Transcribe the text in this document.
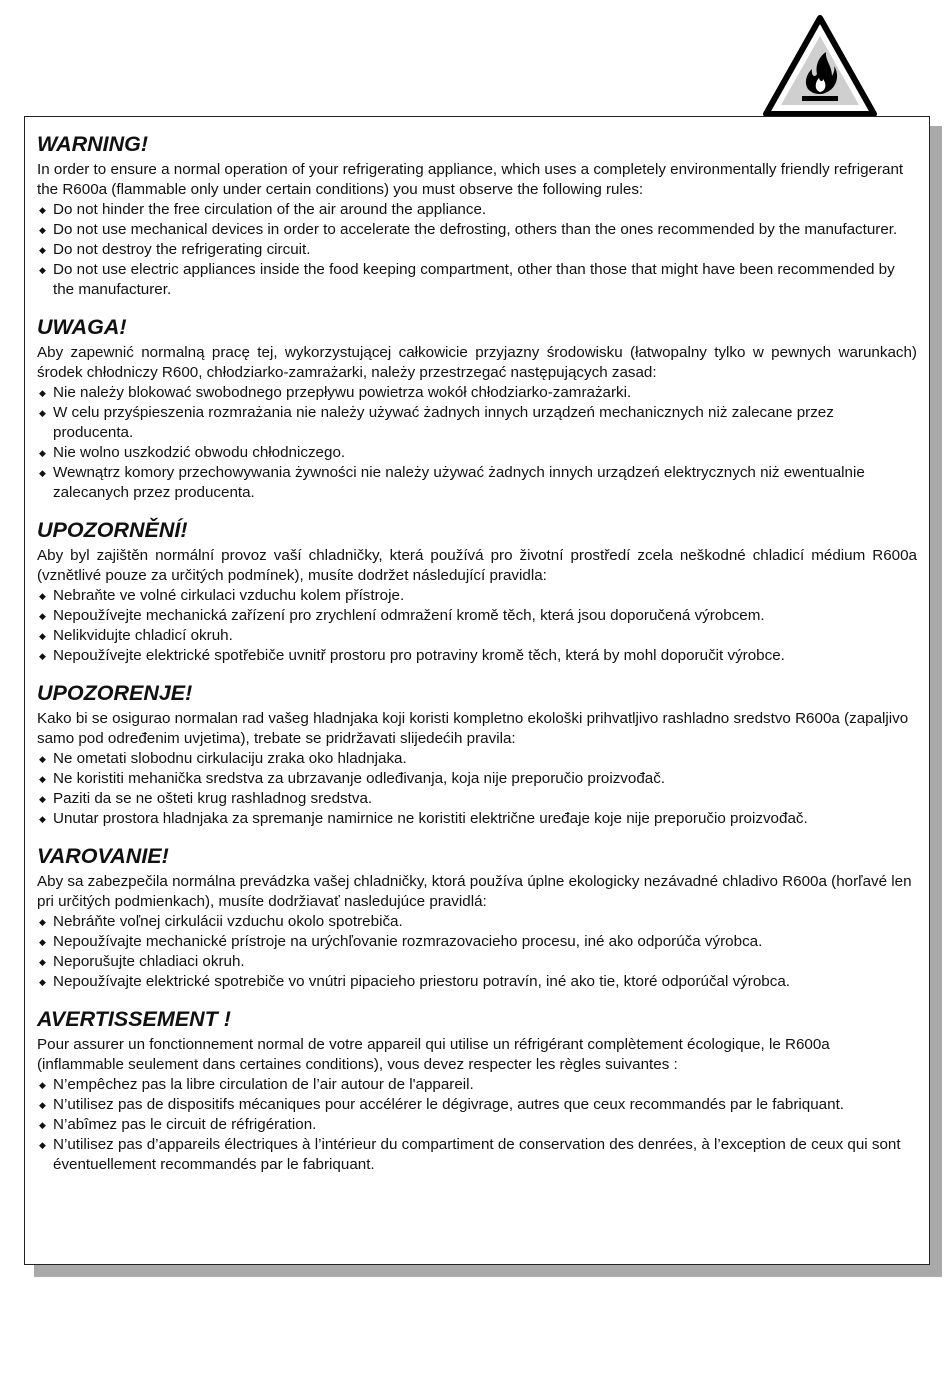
WARNING!

In order to ensure a normal operation of your refrigerating appliance, which uses a completely environmentally friendly refrigerant the R600a (flammable only under certain conditions) you must observe the following rules:

◆ Do not hinder the free circulation of the air around the appliance.
◆ Do not use mechanical devices in order to accelerate the defrosting, others than the ones recommended by the manufacturer.
◆ Do not destroy the refrigerating circuit.
◆ Do not use electric appliances inside the food keeping compartment, other than those that might have been recommended by the manufacturer.
UWAGA!

Aby zapewnić normalną pracę tej, wykorzystującej całkowicie przyjazny środowisku (łatwopalny tylko w pewnych warunkach) środek chłodniczy R600, chłodziarko-zamrażarki, należy przestrzegać następujących zasad:

◆ Nie należy blokować swobodnego przepływu powietrza wokół chłodziarko-zamrażarki.
◆ W celu przyśpieszenia rozmrażania nie należy używać żadnych innych urządzeń mechanicznych niż zalecane przez producenta.
◆ Nie wolno uszkodzić obwodu chłodniczego.
◆ Wewnątrz komory przechowywania żywności nie należy używać żadnych innych urządzeń elektrycznych niż ewentualnie zalecanych przez producenta.
UPOZORNĚNÍ!

Aby byl zajištěn normální provoz vaší chladničky, která používá pro životní prostředí zcela neškodné chladicí médium R600a (vznětlivé pouze za určitých podmínek), musíte dodržet následující pravidla:

◆ Nebraňte ve volné cirkulaci vzduchu kolem přístroje.
◆ Nepoužívejte mechanická zařízení pro zrychlení odmražení kromě těch, která jsou doporučená výrobcem.
◆ Nelikvidujte chladicí okruh.
◆ Nepoužívejte elektrické spotřebiče uvnitř prostoru pro potraviny kromě těch, která by mohl doporučit výrobce.
UPOZORENJE!

Kako bi se osigurao normalan rad vašeg hladnjaka koji koristi kompletno ekološki prihvatljivo rashladno sredstvo R600a (zapaljivo samo pod određenim uvjetima), trebate se pridržavati slijedećih pravila:

◆ Ne ometati slobodnu cirkulaciju zraka oko hladnjaka.
◆ Ne koristiti mehanička sredstva za ubrzavanje odleđivanja, koja nije preporučio proizvođač.
◆ Paziti da se ne ošteti krug rashladnog sredstva.
◆ Unutar prostora hladnjaka za spremanje namirnice ne koristiti električne uređaje koje nije preporučio proizvođač.
VAROVANIE!

Aby sa zabezpečila normálna prevádzka vašej chladničky, ktorá používa úplne ekologicky nezávadné chladivo R600a (horľavé len pri určitých podmienkach), musíte dodržiavať nasledujúce pravidlá:

◆ Nebráňte voľnej cirkulácii vzduchu okolo spotrebiča.
◆ Nepoužívajte mechanické prístroje na urýchľovanie rozmrazovacieho procesu, iné ako odporúča výrobca.
◆ Neporušujte chladiaci okruh.
◆ Nepoužívajte elektrické spotrebiče vo vnútri pipacieho priestoru potravín, iné ako tie, ktoré odporúčal výrobca.
AVERTISSEMENT !

Pour assurer un fonctionnement normal de votre appareil qui utilise un réfrigérant complètement écologique, le R600a (inflammable seulement dans certaines conditions), vous devez respecter les règles suivantes :

◆ N’empêchez pas la libre circulation de l’air autour de l'appareil.
◆ N’utilisez pas de dispositifs mécaniques pour accélérer le dégivrage, autres que ceux recommandés par le fabriquant.
◆ N’abîmez pas le circuit de réfrigération.
◆ N’utilisez pas d’appareils électriques à l’intérieur du compartiment de conservation des denrées, à l’exception de ceux qui sont éventuellement recommandés par le fabriquant.
